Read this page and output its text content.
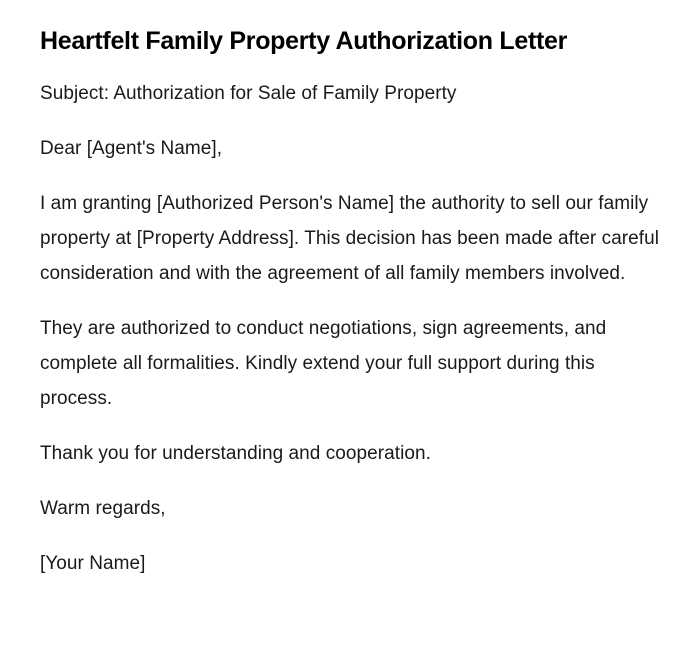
Heartfelt Family Property Authorization Letter

Subject: Authorization for Sale of Family Property

Dear [Agent's Name],

I am granting [Authorized Person's Name] the authority to sell our family property at [Property Address]. This decision has been made after careful consideration and with the agreement of all family members involved.

They are authorized to conduct negotiations, sign agreements, and complete all formalities. Kindly extend your full support during this process.

Thank you for understanding and cooperation.

Warm regards,

[Your Name]
